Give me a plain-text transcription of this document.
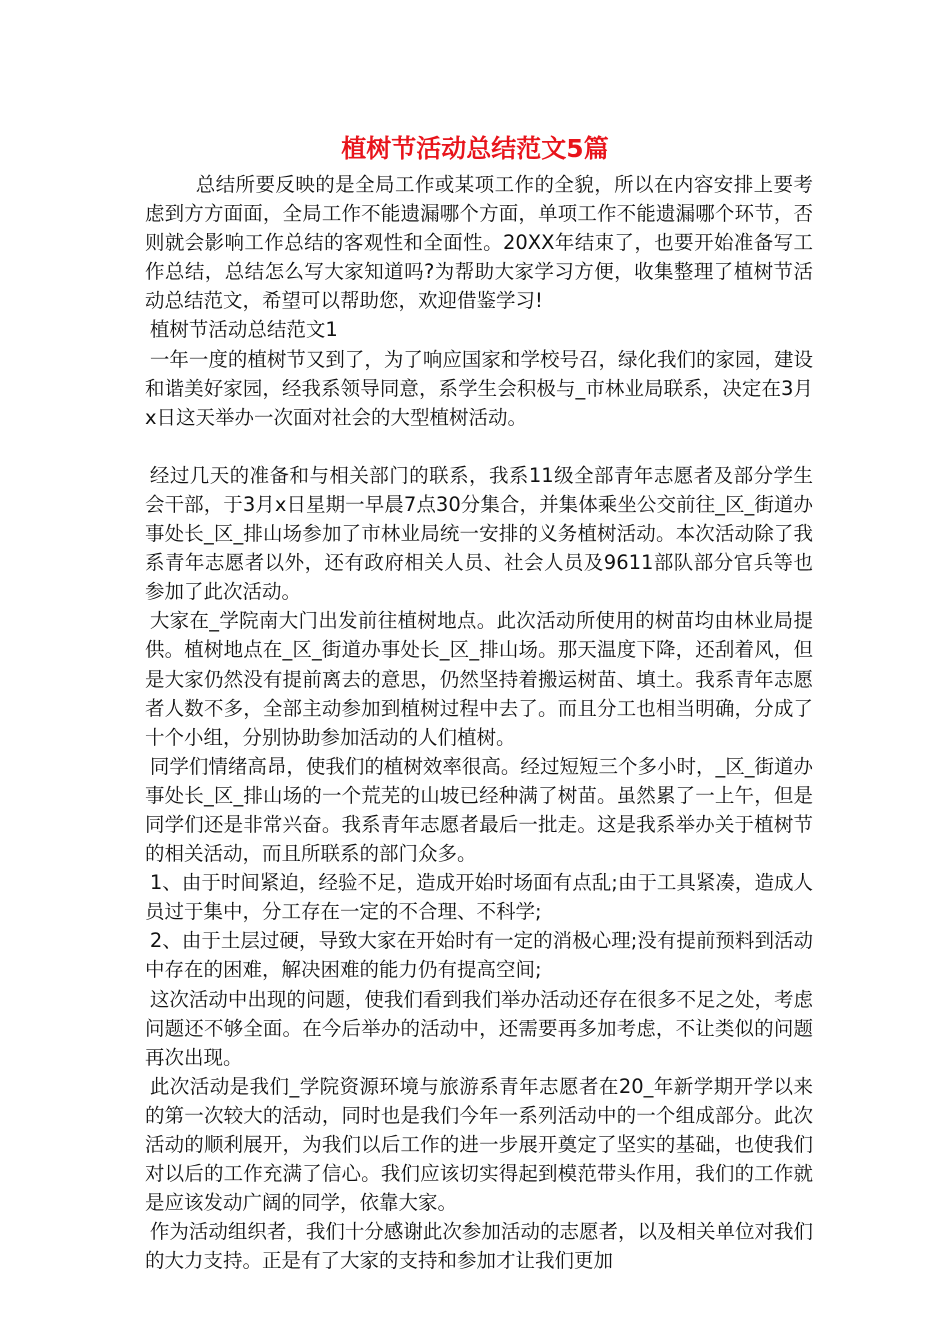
植树节活动总结范文5篇

总结所要反映的是全局工作或某项工作的全貌，所以在内容安排上要考虑到方方面面，全局工作不能遗漏哪个方面，单项工作不能遗漏哪个环节，否则就会影响工作总结的客观性和全面性。20XX年结束了，也要开始准备写工作总结，总结怎么写大家知道吗?为帮助大家学习方便，收集整理了植树节活动总结范文，希望可以帮助您，欢迎借鉴学习!

植树节活动总结范文1

一年一度的植树节又到了，为了响应国家和学校号召，绿化我们的家园，建设和谐美好家园，经我系领导同意，系学生会积极与_市林业局联系，决定在3月x日这天举办一次面对社会的大型植树活动。

经过几天的准备和与相关部门的联系，我系11级全部青年志愿者及部分学生会干部，于3月x日星期一早晨7点30分集合，并集体乘坐公交前往_区_街道办事处长_区_排山场参加了市林业局统一安排的义务植树活动。本次活动除了我系青年志愿者以外，还有政府相关人员、社会人员及9611部队部分官兵等也参加了此次活动。

大家在_学院南大门出发前往植树地点。此次活动所使用的树苗均由林业局提供。植树地点在_区_街道办事处长_区_排山场。那天温度下降，还刮着风，但是大家仍然没有提前离去的意思，仍然坚持着搬运树苗、填土。我系青年志愿者人数不多，全部主动参加到植树过程中去了。而且分工也相当明确，分成了十个小组，分别协助参加活动的人们植树。

同学们情绪高昂，使我们的植树效率很高。经过短短三个多小时，_区_街道办事处长_区_排山场的一个荒芜的山坡已经种满了树苗。虽然累了一上午，但是同学们还是非常兴奋。我系青年志愿者最后一批走。这是我系举办关于植树节的相关活动，而且所联系的部门众多。

1、由于时间紧迫，经验不足，造成开始时场面有点乱;由于工具紧凑，造成人员过于集中，分工存在一定的不合理、不科学;

2、由于土层过硬，导致大家在开始时有一定的消极心理;没有提前预料到活动中存在的困难，解决困难的能力仍有提高空间;

这次活动中出现的问题，使我们看到我们举办活动还存在很多不足之处，考虑问题还不够全面。在今后举办的活动中，还需要再多加考虑，不让类似的问题再次出现。

此次活动是我们_学院资源环境与旅游系青年志愿者在20_年新学期开学以来的第一次较大的活动，同时也是我们今年一系列活动中的一个组成部分。此次活动的顺利展开，为我们以后工作的进一步展开奠定了坚实的基础，也使我们对以后的工作充满了信心。我们应该切实得起到模范带头作用，我们的工作就是应该发动广阔的同学，依靠大家。

作为活动组织者，我们十分感谢此次参加活动的志愿者，以及相关单位对我们的大力支持。正是有了大家的支持和参加才让我们更加
